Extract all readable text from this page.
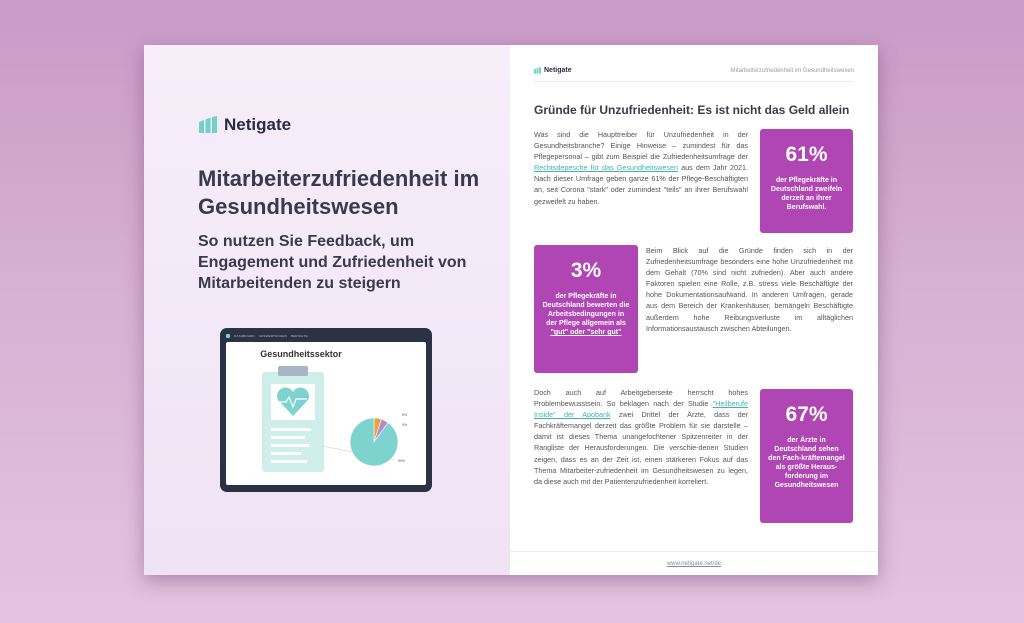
Netigate
Mitarbeiterzufriedenheit im Gesundheitswesen
So nutzen Sie Feedback, um Engagement und Zufriedenheit von Mitarbeitenden zu steigern
DASHBOARD AUSWERTUNGEN BERICHTE
Gesundheitssektor
5%
5%
90%
Netigate	Mitarbeiterzufriedenheit im Gesundheitswesen
Gründe für Unzufriedenheit: Es ist nicht das Geld allein

Was sind die Haupttreiber für Unzufriedenheit in der Gesundheitsbranche? Einige Hinweise – zumindest für das Pflegepersonal – gibt zum Beispiel die Zufriedenheitsumfrage der Rechtsdepesche für das Gesundheitswesen aus dem Jahr 2021. Nach dieser Umfrage geben ganze 61% der Pflege-Beschäftigten an, seit Corona "stark" oder zumindest "teils" an ihrer Berufswahl gezweifelt zu haben.

61%
der Pflegekräfte in Deutschland zweifeln derzeit an ihrer Berufswahl.
3%
der Pflegekräfte in Deutschland bewerten die Arbeitsbedingungen in der Pflege allgemein als "gut" oder "sehr gut"

Beim Blick auf die Gründe finden sich in der Zufriedenheitsumfrage besonders eine hohe Unzufriedenheit mit dem Gehalt (70% sind nicht zufrieden). Aber auch andere Faktoren spielen eine Rolle, z.B. stress viele Beschäftigte der hohe Dokumentationsaufwand. In anderen Umfragen, gerade aus dem Bereich der Krankenhäuser, bemängeln Beschäftigte außerdem hohe Reibungsverluste im alltäglichen Informationsaustausch zwischen Abteilungen.

Doch auch auf Arbeitgeberseite herrscht hohes Problembewusstsein. So beklagen nach der Studie "Heilberufe Inside" der Apobank zwei Drittel der Ärzte, dass der Fachkräftemangel derzeit das größte Problem für sie darstelle – damit ist dieses Thema unangefochtener Spitzenreiter in der Rangliste der Herausforderungen. Die verschie-denen Studien zeigen, dass es an der Zeit ist, einen stärkeren Fokus auf das Thema Mitarbeiter-zufriedenheit im Gesundheitswesen zu legen, da diese auch mit der Patientenzufriedenheit korreliert.

67%
der Ärzte in Deutschland sehen den Fach-kräftemangel als größte Heraus-forderung im Gesundheitswesen
www.netigate.net/de
